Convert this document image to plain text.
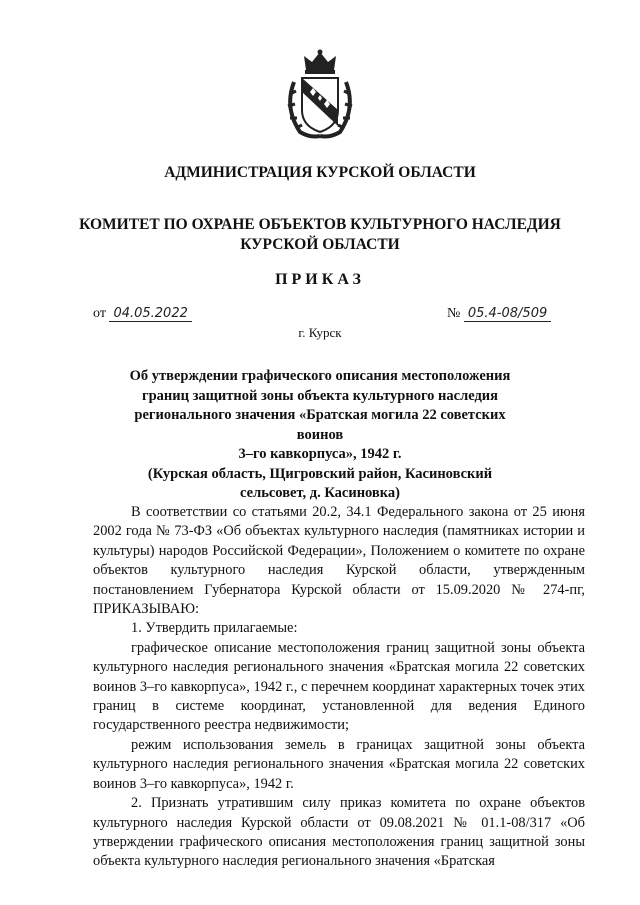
АДМИНИСТРАЦИЯ КУРСКОЙ ОБЛАСТИ
КОМИТЕТ ПО ОХРАНЕ ОБЪЕКТОВ КУЛЬТУРНОГО НАСЛЕДИЯ
КУРСКОЙ ОБЛАСТИ
ПРИКАЗ
от 04.05.2022	№ 05.4-08/509
г. Курск
Об утверждении графического описания местоположения
границ защитной зоны объекта культурного наследия
регионального значения «Братская могила 22 советских воинов
3–го кавкорпуса», 1942 г.
(Курская область, Щигровский район, Касиновский
сельсовет, д. Касиновка)

В соответствии со статьями 20.2, 34.1 Федерального закона от 25 июня 2002 года № 73-ФЗ «Об объектах культурного наследия (памятниках истории и культуры) народов Российской Федерации», Положением о комитете по охране объектов культурного наследия Курской области, утвержденным постановлением Губернатора Курской области от 15.09.2020 № 274-пг, ПРИКАЗЫВАЮ:

1. Утвердить прилагаемые:

графическое описание местоположения границ защитной зоны объекта культурного наследия регионального значения «Братская могила 22 советских воинов 3–го кавкорпуса», 1942 г., с перечнем координат характерных точек этих границ в системе координат, установленной для ведения Единого государственного реестра недвижимости;

режим использования земель в границах защитной зоны объекта культурного наследия регионального значения «Братская могила 22 советских воинов 3–го кавкорпуса», 1942 г.

2. Признать утратившим силу приказ комитета по охране объектов культурного наследия Курской области от 09.08.2021 № 01.1-08/317 «Об утверждении графического описания местоположения границ защитной зоны объекта культурного наследия регионального значения «Братская
